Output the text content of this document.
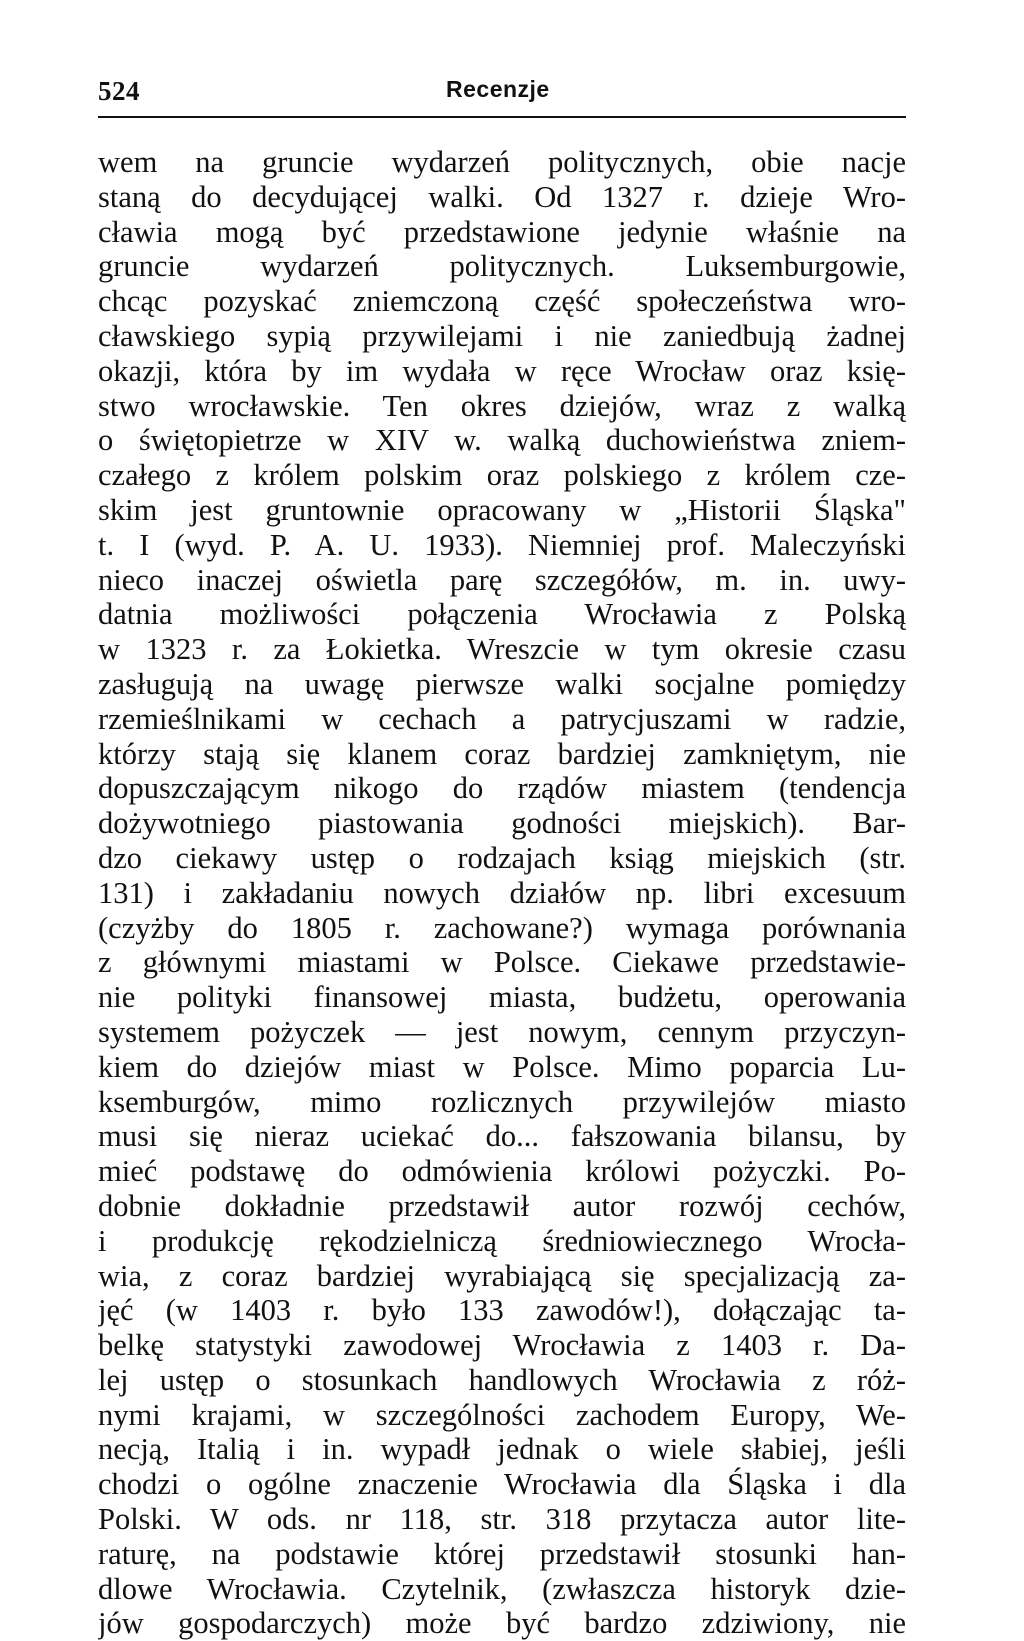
524	Recenzje
wem na gruncie wydarzeń politycznych, obie nacje
staną do decydującej walki. Od 1327 r. dzieje Wro-
cławia mogą być przedstawione jedynie właśnie na
gruncie wydarzeń politycznych. Luksemburgowie,
chcąc pozyskać zniemczoną część społeczeństwa wro-
cławskiego sypią przywilejami i nie zaniedbują żadnej
okazji, która by im wydała w ręce Wrocław oraz księ-
stwo wrocławskie. Ten okres dziejów, wraz z walką
o świętopietrze w XIV w. walką duchowieństwa zniem-
czałego z królem polskim oraz polskiego z królem cze-
skim jest gruntownie opracowany w „Historii Śląska"
t. I (wyd. P. A. U. 1933). Niemniej prof. Maleczyński
nieco inaczej oświetla parę szczegółów, m. in. uwy-
datnia możliwości połączenia Wrocławia z Polską
w 1323 r. za Łokietka. Wreszcie w tym okresie czasu
zasługują na uwagę pierwsze walki socjalne pomiędzy
rzemieślnikami w cechach a patrycjuszami w radzie,
którzy stają się klanem coraz bardziej zamkniętym, nie
dopuszczającym nikogo do rządów miastem (tendencja
dożywotniego piastowania godności miejskich). Bar-
dzo ciekawy ustęp o rodzajach ksiąg miejskich (str.
131) i zakładaniu nowych działów np. libri excesuum
(czyżby do 1805 r. zachowane?) wymaga porównania
z głównymi miastami w Polsce. Ciekawe przedstawie-
nie polityki finansowej miasta, budżetu, operowania
systemem pożyczek — jest nowym, cennym przyczyn-
kiem do dziejów miast w Polsce. Mimo poparcia Lu-
ksemburgów, mimo rozlicznych przywilejów miasto
musi się nieraz uciekać do... fałszowania bilansu, by
mieć podstawę do odmówienia królowi pożyczki. Po-
dobnie dokładnie przedstawił autor rozwój cechów,
i produkcję rękodzielniczą średniowiecznego Wrocła-
wia, z coraz bardziej wyrabiającą się specjalizacją za-
jęć (w 1403 r. było 133 zawodów!), dołączając ta-
belkę statystyki zawodowej Wrocławia z 1403 r. Da-
lej ustęp o stosunkach handlowych Wrocławia z róż-
nymi krajami, w szczególności zachodem Europy, We-
necją, Italią i in. wypadł jednak o wiele słabiej, jeśli
chodzi o ogólne znaczenie Wrocławia dla Śląska i dla
Polski. W ods. nr 118, str. 318 przytacza autor lite-
raturę, na podstawie której przedstawił stosunki han-
dlowe Wrocławia. Czytelnik, (zwłaszcza historyk dzie-
jów gospodarczych) może być bardzo zdziwiony, nie
